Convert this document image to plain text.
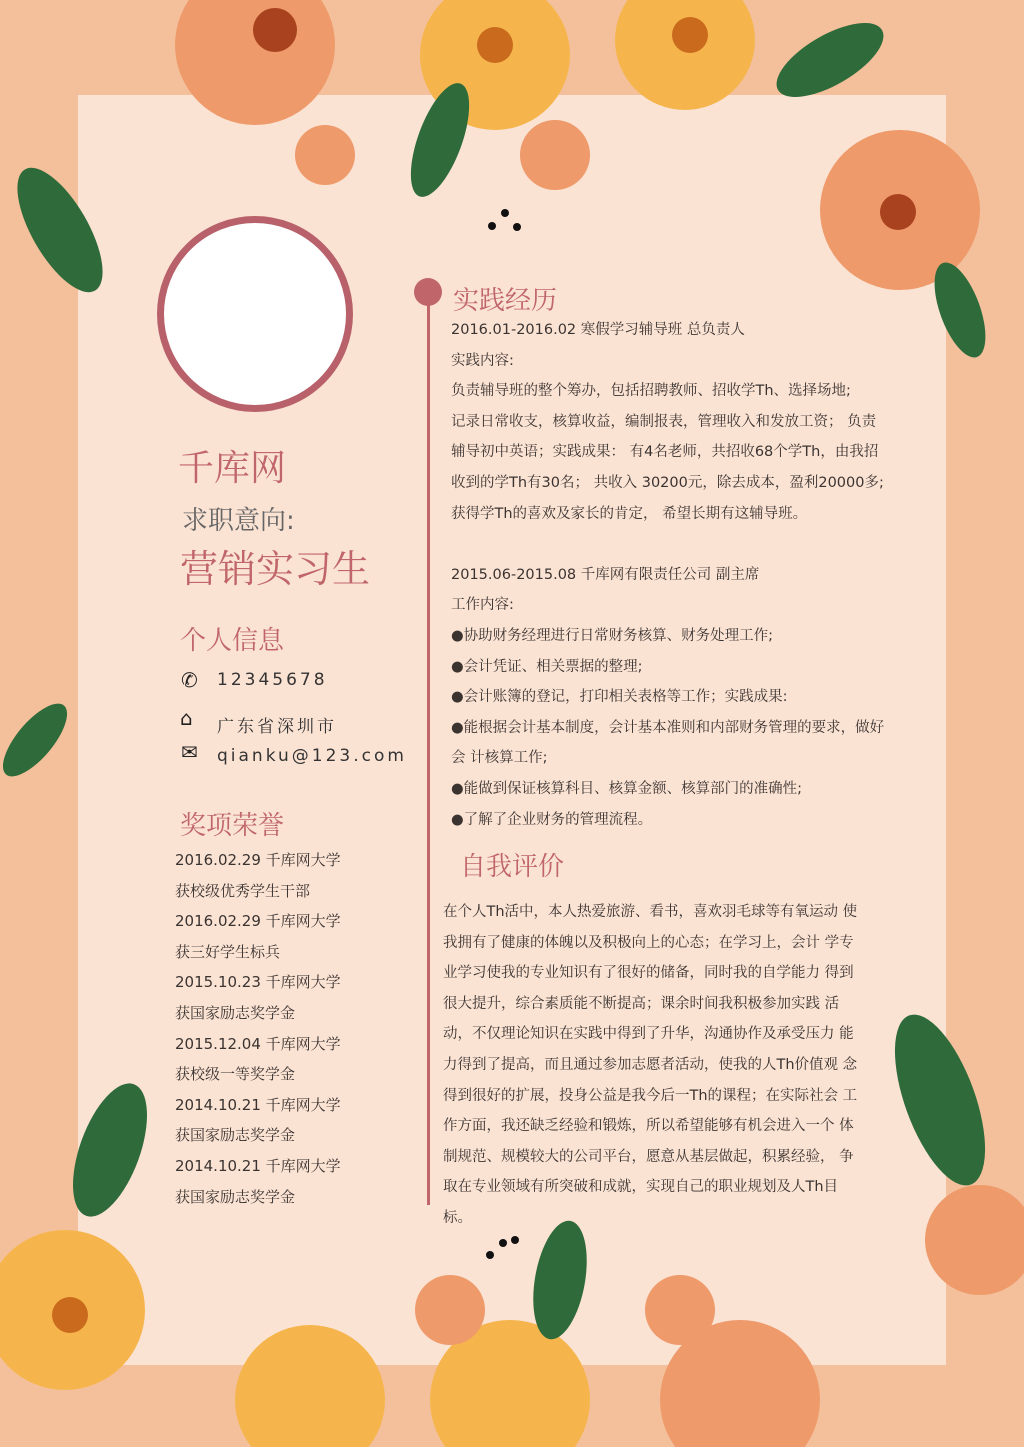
千库网
求职意向:
营销实习生
个人信息
✆ 12345678
⌂ 广东省深圳市
✉ qianku@123.com
奖项荣誉
2016.02.29 千库网大学
获校级优秀学生干部
2016.02.29 千库网大学
获三好学生标兵
2015.10.23 千库网大学
获国家励志奖学金
2015.12.04 千库网大学
获校级一等奖学金
2014.10.21 千库网大学
获国家励志奖学金
2014.10.21 千库网大学
获国家励志奖学金
实践经历
2016.01-2016.02 寒假学习辅导班 总负责人
实践内容:
负责辅导班的整个筹办，包括招聘教师、招收学Th、选择场地;
记录日常收支，核算收益，编制报表，管理收入和发放工资； 负责
辅导初中英语；实践成果： 有4名老师，共招收68个学Th，由我招
收到的学Th有30名； 共收入 30200元，除去成本，盈利20000多;
获得学Th的喜欢及家长的肯定， 希望长期有这辅导班。
2015.06-2015.08 千库网有限责任公司 副主席
工作内容:
●协助财务经理进行日常财务核算、财务处理工作;
●会计凭证、相关票据的整理;
●会计账簿的登记，打印相关表格等工作；实践成果:
●能根据会计基本制度，会计基本准则和内部财务管理的要求，做好
会 计核算工作;
●能做到保证核算科目、核算金额、核算部门的准确性;
●了解了企业财务的管理流程。
自我评价
在个人Th活中，本人热爱旅游、看书，喜欢羽毛球等有氧运动 使
我拥有了健康的体魄以及积极向上的心态；在学习上，会计 学专
业学习使我的专业知识有了很好的储备，同时我的自学能力 得到
很大提升，综合素质能不断提高；课余时间我积极参加实践 活
动，不仅理论知识在实践中得到了升华，沟通协作及承受压力 能
力得到了提高，而且通过参加志愿者活动，使我的人Th价值观 念
得到很好的扩展，投身公益是我今后一Th的课程；在实际社会 工
作方面，我还缺乏经验和锻炼，所以希望能够有机会进入一个 体
制规范、规模较大的公司平台，愿意从基层做起，积累经验， 争
取在专业领域有所突破和成就，实现自己的职业规划及人Th目
标。
